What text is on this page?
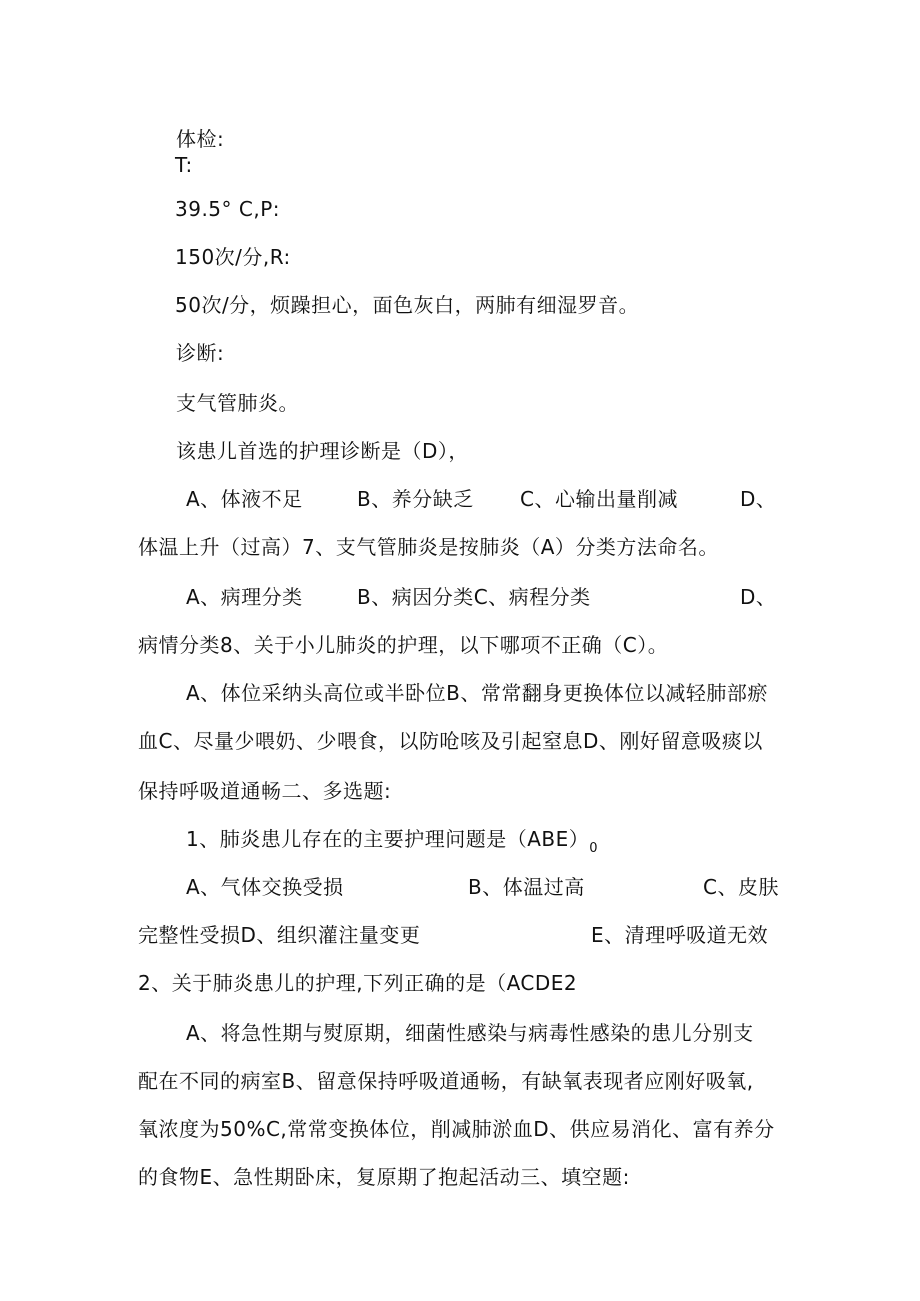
体检:
T:
39.5° C,P:
150次/分,R:
50次/分，烦躁担心，面色灰白，两肺有细湿罗音。
诊断:
支气管肺炎。
该患儿首选的护理诊断是（D），
A、体液不足	B、养分缺乏 C、心输出量削减	D、
体温上升（过高）7、支气管肺炎是按肺炎（A）分类方法命名。
A、病理分类	B、病因分类C、病程分类	D、
病情分类8、关于小儿肺炎的护理，以下哪项不正确（C）。
A、体位采纳头高位或半卧位B、常常翻身更换体位以减轻肺部瘀
血C、尽量少喂奶、少喂食，以防呛咳及引起窒息D、刚好留意吸痰以
保持呼吸道通畅二、多选题:
1、肺炎患儿存在的主要护理问题是$(ABE)_0$
A、气体交换受损	B、体温过高	C、皮肤
完整性受损D、组织灌注量变更	E、清理呼吸道无效
2、关于肺炎患儿的护理,下列正确的是（ACDE2
A、将急性期与熨原期，细菌性感染与病毒性感染的患儿分别支
配在不同的病室B、留意保持呼吸道通畅，有缺氧表现者应刚好吸氧,
氧浓度为50%C,常常变换体位，削减肺淤血D、供应易消化、富有养分
的食物E、急性期卧床，复原期了抱起活动三、填空题:
